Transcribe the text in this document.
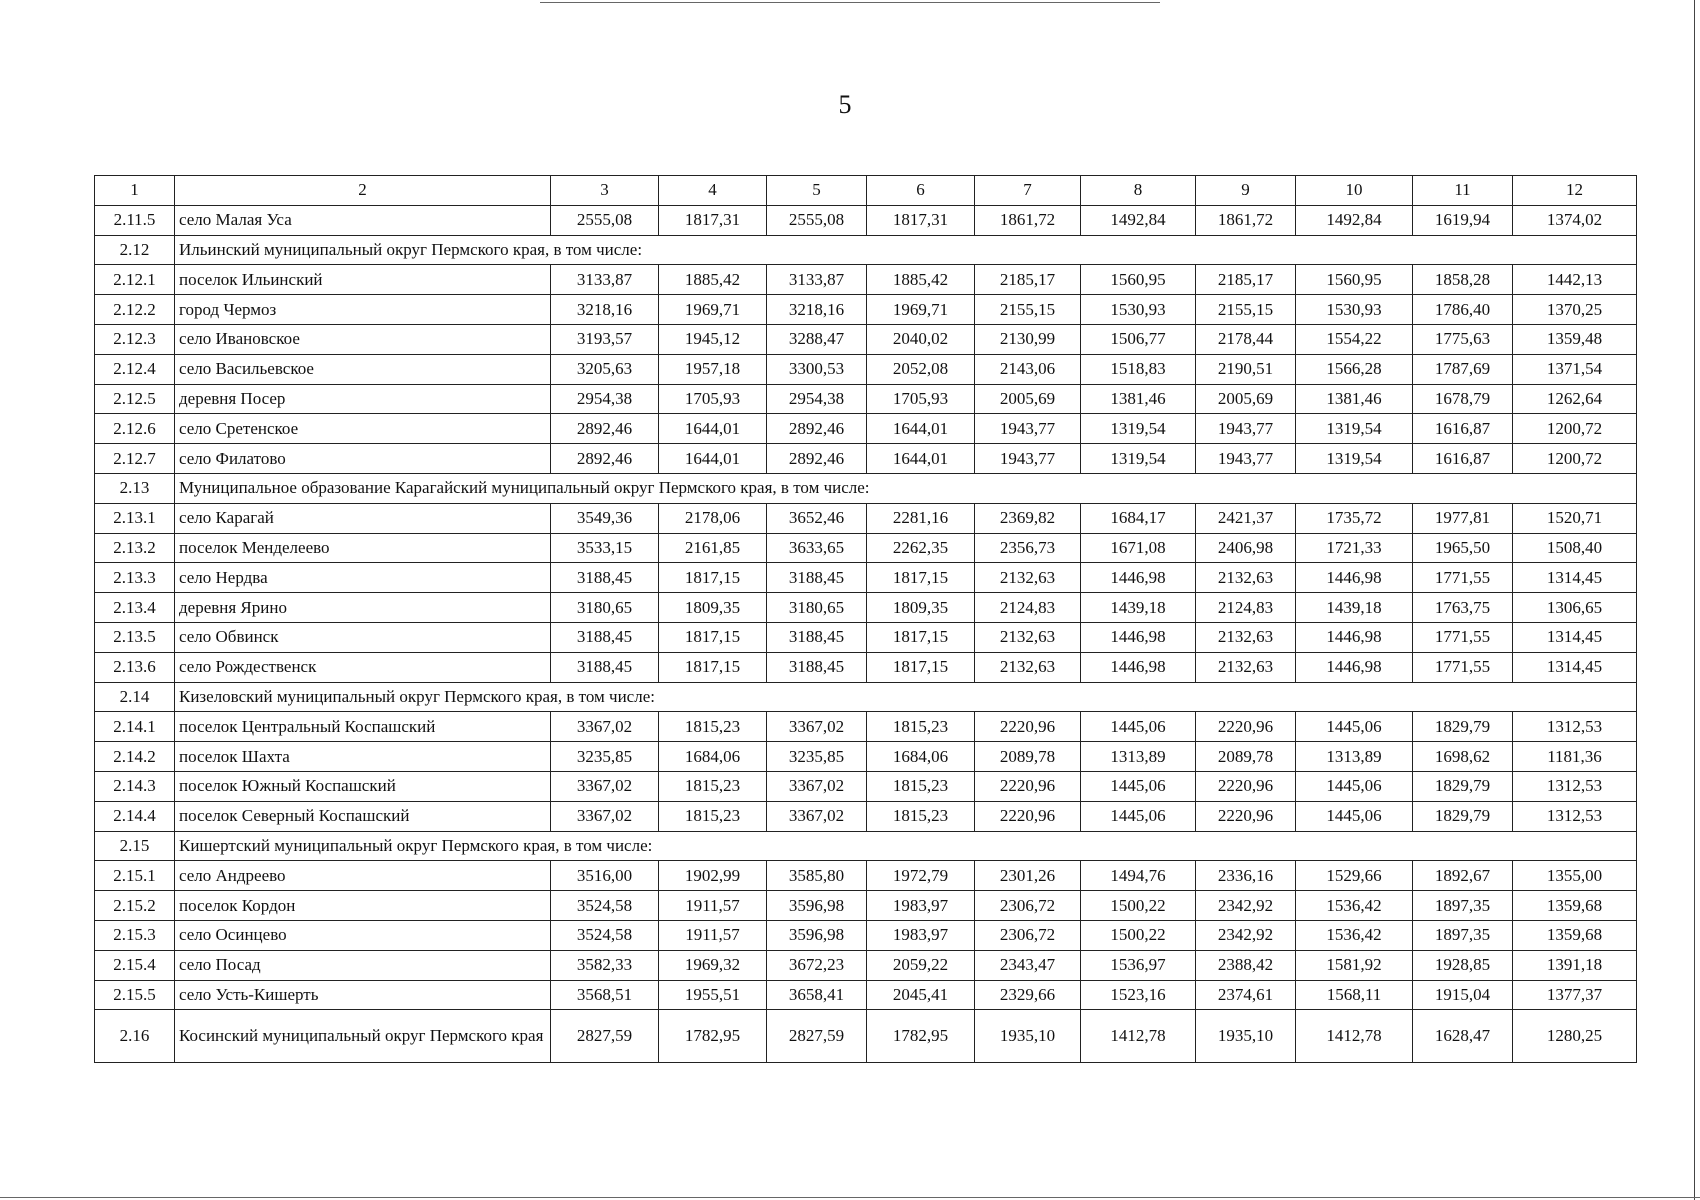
5
1	2	3	4	5	6	7	8	9	10	11	12
2.11.5	село Малая Уса	2555,08	1817,31	2555,08	1817,31	1861,72	1492,84	1861,72	1492,84	1619,94	1374,02
2.12	Ильинский муниципальный округ Пермского края, в том числе:										
2.12.1	поселок Ильинский	3133,87	1885,42	3133,87	1885,42	2185,17	1560,95	2185,17	1560,95	1858,28	1442,13
2.12.2	город Чермоз	3218,16	1969,71	3218,16	1969,71	2155,15	1530,93	2155,15	1530,93	1786,40	1370,25
2.12.3	село Ивановское	3193,57	1945,12	3288,47	2040,02	2130,99	1506,77	2178,44	1554,22	1775,63	1359,48
2.12.4	село Васильевское	3205,63	1957,18	3300,53	2052,08	2143,06	1518,83	2190,51	1566,28	1787,69	1371,54
2.12.5	деревня Посер	2954,38	1705,93	2954,38	1705,93	2005,69	1381,46	2005,69	1381,46	1678,79	1262,64
2.12.6	село Сретенское	2892,46	1644,01	2892,46	1644,01	1943,77	1319,54	1943,77	1319,54	1616,87	1200,72
2.12.7	село Филатово	2892,46	1644,01	2892,46	1644,01	1943,77	1319,54	1943,77	1319,54	1616,87	1200,72
2.13	Муниципальное образование Карагайский муниципальный округ Пермского края, в том числе:										
2.13.1	село Карагай	3549,36	2178,06	3652,46	2281,16	2369,82	1684,17	2421,37	1735,72	1977,81	1520,71
2.13.2	поселок Менделеево	3533,15	2161,85	3633,65	2262,35	2356,73	1671,08	2406,98	1721,33	1965,50	1508,40
2.13.3	село Нердва	3188,45	1817,15	3188,45	1817,15	2132,63	1446,98	2132,63	1446,98	1771,55	1314,45
2.13.4	деревня Ярино	3180,65	1809,35	3180,65	1809,35	2124,83	1439,18	2124,83	1439,18	1763,75	1306,65
2.13.5	село Обвинск	3188,45	1817,15	3188,45	1817,15	2132,63	1446,98	2132,63	1446,98	1771,55	1314,45
2.13.6	село Рождественск	3188,45	1817,15	3188,45	1817,15	2132,63	1446,98	2132,63	1446,98	1771,55	1314,45
2.14	Кизеловский муниципальный округ Пермского края, в том числе:										
2.14.1	поселок Центральный Коспашский	3367,02	1815,23	3367,02	1815,23	2220,96	1445,06	2220,96	1445,06	1829,79	1312,53
2.14.2	поселок Шахта	3235,85	1684,06	3235,85	1684,06	2089,78	1313,89	2089,78	1313,89	1698,62	1181,36
2.14.3	поселок Южный Коспашский	3367,02	1815,23	3367,02	1815,23	2220,96	1445,06	2220,96	1445,06	1829,79	1312,53
2.14.4	поселок Северный Коспашский	3367,02	1815,23	3367,02	1815,23	2220,96	1445,06	2220,96	1445,06	1829,79	1312,53
2.15	Кишертский муниципальный округ Пермского края, в том числе:										
2.15.1	село Андреево	3516,00	1902,99	3585,80	1972,79	2301,26	1494,76	2336,16	1529,66	1892,67	1355,00
2.15.2	поселок Кордон	3524,58	1911,57	3596,98	1983,97	2306,72	1500,22	2342,92	1536,42	1897,35	1359,68
2.15.3	село Осинцево	3524,58	1911,57	3596,98	1983,97	2306,72	1500,22	2342,92	1536,42	1897,35	1359,68
2.15.4	село Посад	3582,33	1969,32	3672,23	2059,22	2343,47	1536,97	2388,42	1581,92	1928,85	1391,18
2.15.5	село Усть-Кишерть	3568,51	1955,51	3658,41	2045,41	2329,66	1523,16	2374,61	1568,11	1915,04	1377,37
2.16	Косинский муниципальный округ Пермского края	2827,59	1782,95	2827,59	1782,95	1935,10	1412,78	1935,10	1412,78	1628,47	1280,25
